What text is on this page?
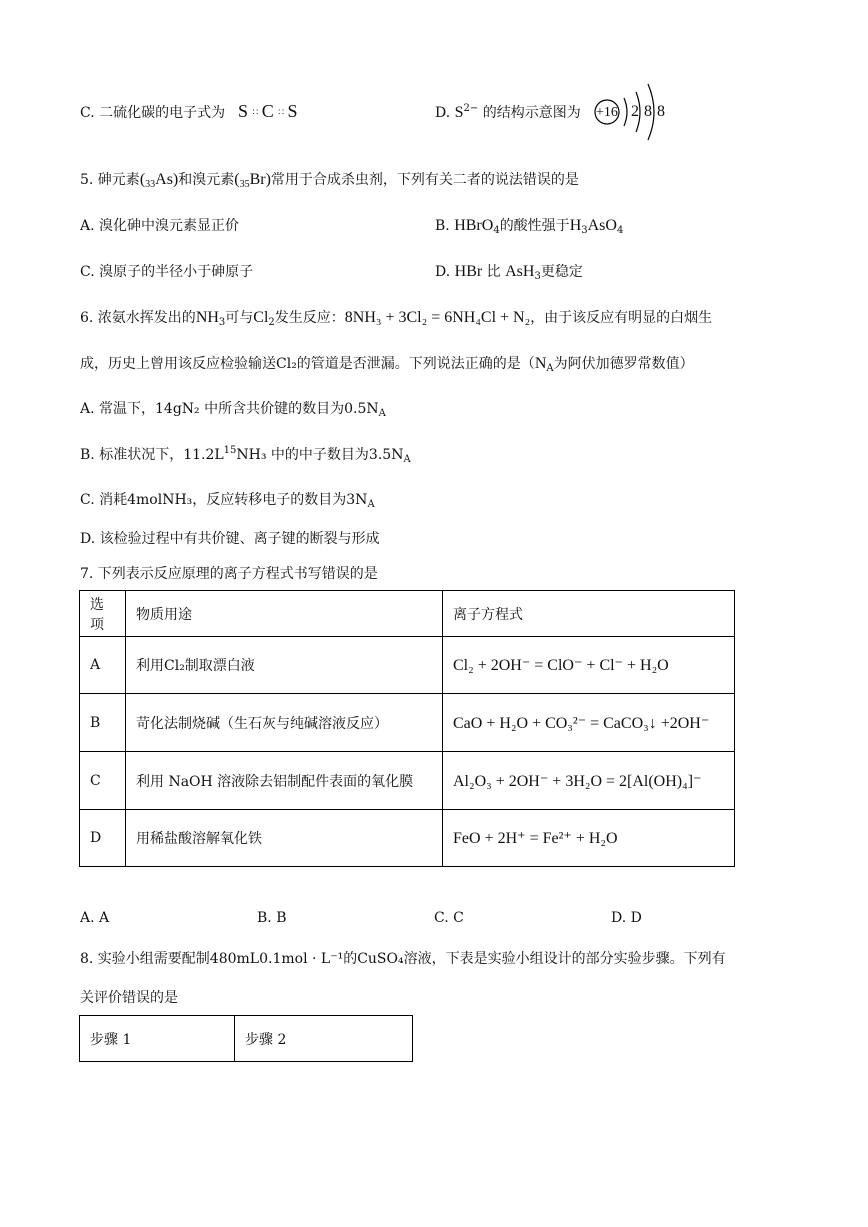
C. 二硫化碳的电子式为 S ∷ C ∷ S	D. $S^{2-}$ 的结构示意图为 +16 2 8 8
5. 砷元素$(_{33}As)$和溴元素$(_{35}Br)$常用于合成杀虫剂，下列有关二者的说法错误的是
A. 溴化砷中溴元素显正价	B. HBrO$_4$的酸性强于$H_3AsO_4$
C. 溴原子的半径小于砷原子	D. HBr 比 AsH$_3$更稳定
6. 浓氨水挥发出的$NH_3$可与$Cl_2$发生反应：8NH₃ + 3Cl₂ = 6NH₄Cl + N₂，由于该反应有明显的白烟生
成，历史上曾用该反应检验输送Cl₂的管道是否泄漏。下列说法正确的是（$N_A$为阿伏加德罗常数值）
A. 常温下，14gN₂ 中所含共价键的数目为$0.5N_A$
B. 标准状况下，$11.2L^{15}NH_3$ 中的中子数目为$3.5N_A$
C. 消耗4molNH₃，反应转移电子的数目为$3N_A$
D. 该检验过程中有共价键、离子键的断裂与形成
7. 下列表示反应原理的离子方程式书写错误的是
选项	物质用途	离子方程式
A	利用Cl₂制取漂白液	Cl₂ + 2OH⁻ = ClO⁻ + Cl⁻ + H₂O
B	苛化法制烧碱（生石灰与纯碱溶液反应）	CaO + H₂O + CO₃²⁻ = CaCO₃↓ +2OH⁻
C	利用 NaOH 溶液除去铝制配件表面的氧化膜	Al₂O₃ + 2OH⁻ + 3H₂O = 2[Al(OH)₄]⁻
D	用稀盐酸溶解氧化铁	FeO + 2H⁺ = Fe²⁺ + H₂O
A. A	B. B	C. C	D. D
8. 实验小组需要配制480mL0.1mol · L⁻¹的CuSO₄溶液，下表是实验小组设计的部分实验步骤。下列有
关评价错误的是
步骤 1	步骤 2
